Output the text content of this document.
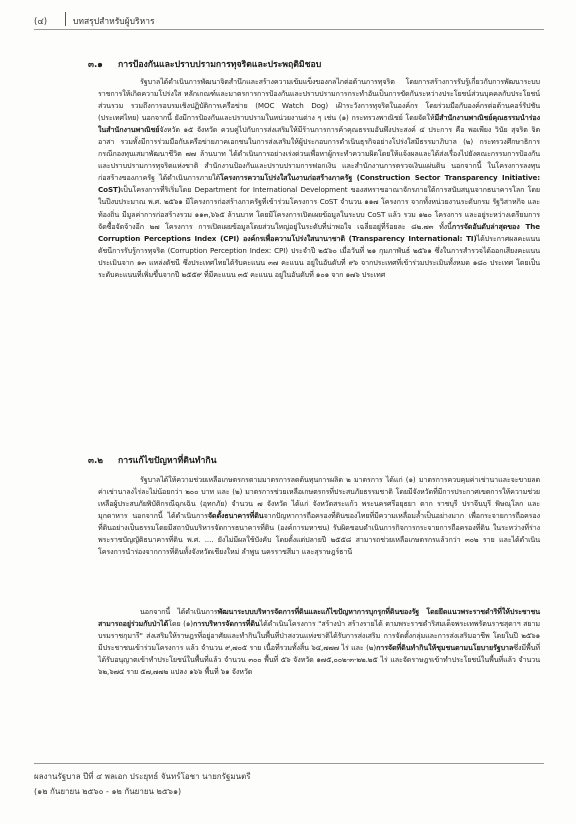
(๔)	บทสรุปสำหรับผู้บริหาร
๓.๑	การป้องกันและปราบปรามการทุจริตและประพฤติมิชอบ

รัฐบาลได้ดำเนินการพัฒนาจิตสำนึกและสร้างความเข้มแข็งของกลไกต่อต้านการทุจริต โดยการสร้างการรับรู้เกี่ยวกับการพัฒนาระบบราชการให้เกิดความโปร่งใส หลักเกณฑ์และมาตรการการป้องกันและปราบปรามการกระทำอันเป็นการขัดกันระหว่างประโยชน์ส่วนบุคคลกับประโยชน์ส่วนรวม รวมถึงการอบรมเชิงปฏิบัติการเครือข่าย (MOC Watch Dog) เฝ้าระวังการทุจริตในองค์กร โดยร่วมมือกับองค์กรต่อต้านคอร์รัปชัน (ประเทศไทย) นอกจากนี้ ยังมีการป้องกันและปราบปรามในหน่วยงานต่าง ๆ เช่น (๑) กระทรวงพาณิชย์ โดยจัดให้มีสำนักงานพาณิชย์คุณธรรมนำร่องในสำนักงานพาณิชย์จังหวัด ๑๕ จังหวัด ควบคู่ไปกับการส่งเสริมให้มีร้านการการค้าคุณธรรมอันพึงประสงค์ ๔ ประการ คือ พอเพียง วินัย สุจริต จิตอาสา รวมทั้งมีการร่วมมือกับเครือข่ายภาคเอกชนในการส่งเสริมให้ผู้ประกอบการดำเนินธุรกิจอย่างโปร่งใสมีธรรมาภิบาล (๒) กระทรวงศึกษาธิการ กรณีกองทุนเสมาพัฒนาชีวิต ๗๗ ล้านบาท ได้ดำเนินการอย่างเร่งด่วนเพื่อหาผู้กระทำความผิดโดยให้แจ้งผลและได้ส่งเรื่องไปยังคณะกรรมการป้องกันและปราบปรามการทุจริตแห่งชาติ สำนักงานป้องกันและปราบปรามการฟอกเงิน และสำนักงานการตรวจเงินแผ่นดิน นอกจากนี้ ในโครงการลงทุนก่อสร้างของภาครัฐ ได้ดำเนินการภายใต้โครงการความโปร่งใสในงานก่อสร้างภาครัฐ (Construction Sector Transparency Initiative: CoST)เป็นโครงการที่ริเริ่มโดย Department for International Development ของสหราชอาณาจักรภายใต้การสนับสนุนจากธนาคารโลก โดยในปีงบประมาณ พ.ศ. ๒๕๖๑ มีโครงการก่อสร้างภาครัฐที่เข้าร่วมโครงการ CoST จำนวน ๑๑๗ โครงการ จากทั้งหน่วยงานระดับกรม รัฐวิสาหกิจ และท้องถิ่น มีมูลค่าการก่อสร้างรวม ๑๑๓,๖๖๕ ล้านบาท โดยมีโครงการเปิดเผยข้อมูลในระบบ CoST แล้ว รวม ๑๒๐ โครงการ และอยู่ระหว่างเตรียมการจัดซื้อจัดจ้างอีก ๒๗ โครงการ การเปิดเผยข้อมูลโดยส่วนใหญ่อยู่ในระดับที่น่าพอใจ เฉลี่ยอยู่ที่ร้อยละ ๘๒.๗๓ ทั้งนี้การจัดอันดับล่าสุดของ The Corruption Perceptions Index (CPI) องค์กรเพื่อความโปร่งใสนานาชาติ (Transparency International: TI)ได้ประกาศผลคะแนนดัชนีการรับรู้การทุจริต (Corruption Perception Index: CPI) ประจำปี ๒๕๖๐ เมื่อวันที่ ๒๑ กุมภาพันธ์ ๒๕๖๑ ซึ่งในการสำรวจได้ออกเสียงคะแนนประเมินจาก ๑๓ แหล่งดัชนี ซึ่งประเทศไทยได้รับคะแนน ๓๗ คะแนน อยู่ในอันดับที่ ๙๖ จากประเทศที่เข้าร่วมประเมินทั้งหมด ๑๘๐ ประเทศ โดยเป็นระดับคะแนนที่เพิ่มขึ้นจากปี ๒๕๕๙ ที่มีคะแนน ๓๕ คะแนน อยู่ในอันดับที่ ๑๐๑ จาก ๑๗๖ ประเทศ

๓.๒	การแก้ไขปัญหาที่ดินทำกิน

รัฐบาลได้ให้ความช่วยเหลือเกษตรกรตามมาตรการลดต้นทุนการผลิต ๒ มาตรการ ได้แก่ (๑) มาตรการควบคุมค่าเช่านาและจะขายลดค่าเช่านาลงไร่ละไม่น้อยกว่า ๒๐๐ บาท และ (๒) มาตรการช่วยเหลือเกษตรกรที่ประสบภัยธรรมชาติ โดยมีจังหวัดที่มีการประกาศเขตการให้ความช่วยเหลือผู้ประสบภัยพิบัติกรณีฉุกเฉิน (อุทกภัย) จำนวน ๗ จังหวัด ได้แก่ จังหวัดสระแก้ว พระนครศรีอยุธยา ตาก ราชบุรี ปราจีนบุรี พิษณุโลก และมุกดาหาร นอกจากนี้ ได้ดำเนินการจัดตั้งธนาคารที่ดินจากปัญหาการถือครองที่ดินของไทยที่มีความเหลื่อมล้ำเป็นอย่างมาก เพื่อกระจายการถือครองที่ดินอย่างเป็นธรรมโดยมีสถาบันบริหารจัดการธนาคารที่ดิน (องค์การมหาชน) รับผิดชอบดำเนินการกิจการกระจายการถือครองที่ดิน ในระหว่างที่ร่างพระราชบัญญัติธนาคารที่ดิน พ.ศ. .... ยังไม่มีผลใช้บังคับ โดยตั้งแต่ปลายปี ๒๕๕๘ สามารถช่วยเหลือเกษตรกรแล้วกว่า ๓๐๒ ราย และได้ดำเนินโครงการนำร่องจากการที่ดินทั้งจังหวัดเชียงใหม่ ลำพูน นครราชสีมา และสุราษฎร์ธานี

นอกจากนี้ ได้ดำเนินการพัฒนาระบบบริหารจัดการที่ดินและแก้ไขปัญหาการบุกรุกที่ดินของรัฐ โดยยึดแนวพระราชดำริที่ให้ประชาชนสามารถอยู่ร่วมกับป่าได้โดย (๑)การบริหารจัดการที่ดินได้ดำเนินโครงการ "สร้างป่า สร้างรายได้ ตามพระราชดำริสมเด็จพระเทพรัตนราชสุดาฯ สยามบรมราชกุมารี" ส่งเสริมให้ราษฎรที่อยู่อาศัยและทำกินในพื้นที่ป่าสงวนแห่งชาติได้รับการส่งเสริม การจัดตั้งกลุ่มและการส่งเสริมอาชีพ โดยในปี ๒๕๖๑ มีประชาชนเข้าร่วมโครงการ แล้ว จำนวน ๙,๗๐๕ ราย เนื้อที่รวมทั้งสิ้น ๖๔,๗๗๗ ไร่ และ (๒)การจัดที่ดินทำกินให้ชุมชนตามนโยบายรัฐบาลซึ่งมีพื้นที่ได้รับอนุญาตเข้าทำประโยชน์ในพื้นที่แล้ว จำนวน ๓๐๐ พื้นที่ ๕๖ จังหวัด ๑๗๕,๐๐๒-๓-๒๒.๒๕ ไร่ และจัดราษฎรเข้าทำประโยชน์ในพื้นที่แล้ว จำนวน ๖๒,๖๗๔ ราย ๕๗,๗๗๒ แปลง ๑๖๖ พื้นที่ ๖๑ จังหวัด

ผลงานรัฐบาล ปีที่ ๔ พลเอก ประยุทธ์ จันทร์โอชา นายกรัฐมนตรี
(๑๒ กันยายน ๒๕๖๐ - ๑๒ กันยายน ๒๕๖๑)
